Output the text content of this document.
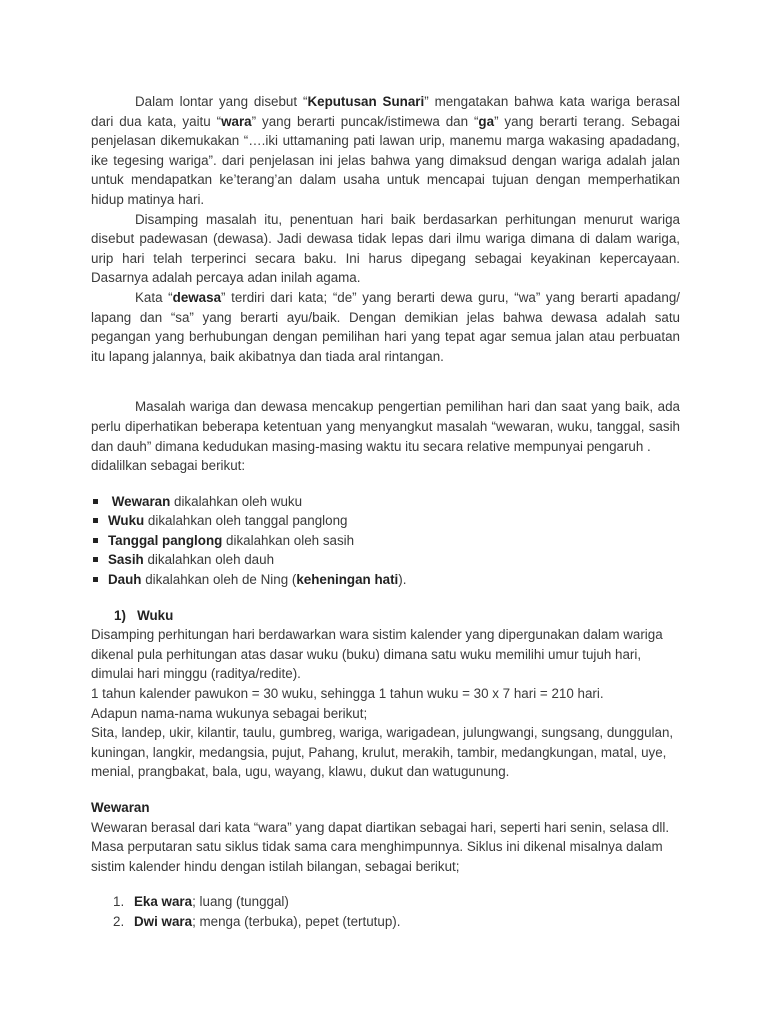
Dalam lontar yang disebut “Keputusan Sunari” mengatakan bahwa kata wariga berasal dari dua kata, yaitu “wara” yang berarti puncak/istimewa dan “ga” yang berarti terang. Sebagai penjelasan dikemukakan “….iki uttamaning pati lawan urip, manemu marga wakasing apadadang, ike tegesing wariga”. dari penjelasan ini jelas bahwa yang dimaksud dengan wariga adalah jalan untuk mendapatkan ke’terang’an dalam usaha untuk mencapai tujuan dengan memperhatikan hidup matinya hari.

Disamping masalah itu, penentuan hari baik berdasarkan perhitungan menurut wariga disebut padewasan (dewasa). Jadi dewasa tidak lepas dari ilmu wariga dimana di dalam wariga, urip hari telah terperinci secara baku. Ini harus dipegang sebagai keyakinan kepercayaan. Dasarnya adalah percaya adan inilah agama.

Kata “dewasa” terdiri dari kata; “de” yang berarti dewa guru, “wa” yang berarti apadang/ lapang dan “sa” yang berarti ayu/baik. Dengan demikian jelas bahwa dewasa adalah satu pegangan yang berhubungan dengan pemilihan hari yang tepat agar semua jalan atau perbuatan itu lapang jalannya, baik akibatnya dan tiada aral rintangan.

Masalah wariga dan dewasa mencakup pengertian pemilihan hari dan saat yang baik, ada perlu diperhatikan beberapa ketentuan yang menyangkut masalah “wewaran, wuku, tanggal, sasih dan dauh” dimana kedudukan masing-masing waktu itu secara relative mempunyai pengaruh .

didalilkan sebagai berikut:

Wewaran dikalahkan oleh wuku
Wuku dikalahkan oleh tanggal panglong
Tanggal panglong dikalahkan oleh sasih
Sasih dikalahkan oleh dauh
Dauh dikalahkan oleh de Ning (keheningan hati).

1)   Wuku

Disamping perhitungan hari berdawarkan wara sistim kalender yang dipergunakan dalam wariga dikenal pula perhitungan atas dasar wuku (buku) dimana satu wuku memilihi umur tujuh hari, dimulai hari minggu (raditya/redite).

1 tahun kalender pawukon = 30 wuku, sehingga 1 tahun wuku = 30 x 7 hari = 210 hari.

Adapun nama-nama wukunya sebagai berikut;

Sita, landep, ukir, kilantir, taulu, gumbreg, wariga, warigadean, julungwangi, sungsang, dunggulan, kuningan, langkir, medangsia, pujut, Pahang, krulut, merakih, tambir, medangkungan, matal, uye, menial, prangbakat, bala, ugu, wayang, klawu, dukut dan watugunung.

Wewaran

Wewaran berasal dari kata “wara” yang dapat diartikan sebagai hari, seperti hari senin, selasa dll. Masa perputaran satu siklus tidak sama cara menghimpunnya. Siklus ini dikenal misalnya dalam sistim kalender hindu dengan istilah bilangan, sebagai berikut;

1. Eka wara; luang (tunggal)
2. Dwi wara; menga (terbuka), pepet (tertutup).
